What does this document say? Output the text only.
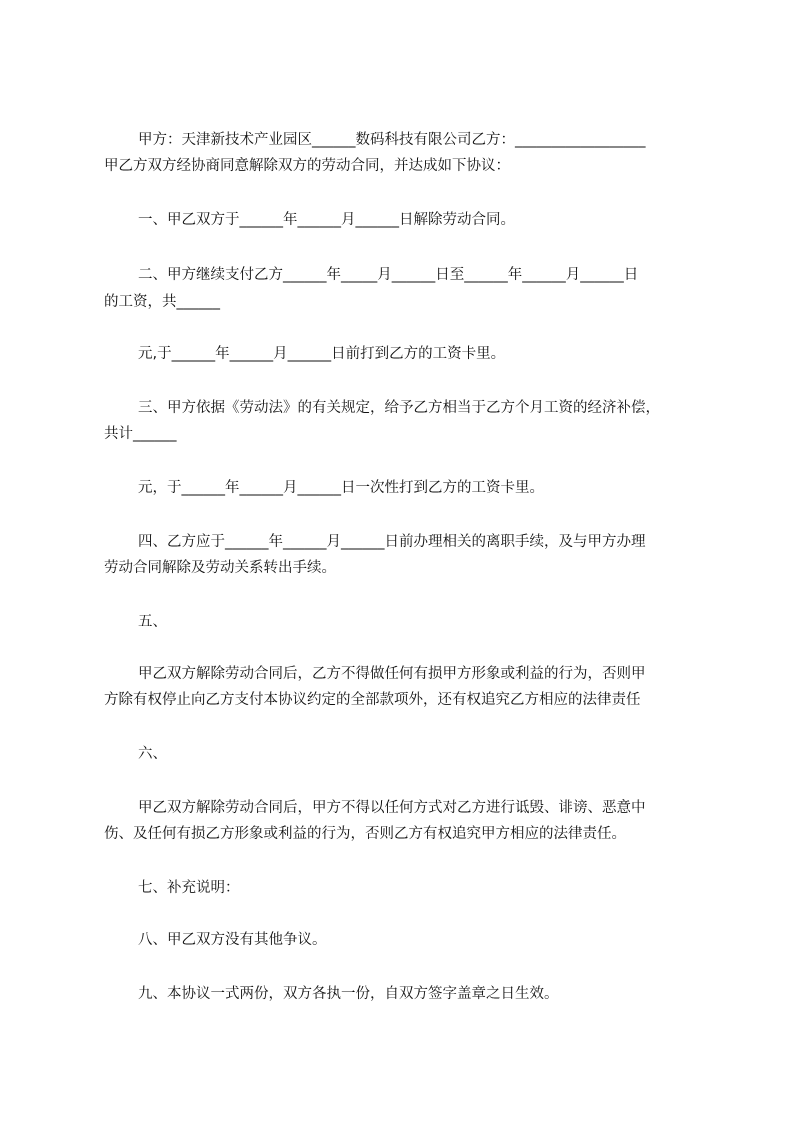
甲方：天津新技术产业园区______数码科技有限公司乙方：__________________
甲乙方双方经协商同意解除双方的劳动合同，并达成如下协议：
一、甲乙双方于______年______月______日解除劳动合同。
二、甲方继续支付乙方______年_____月______日至______年______月______日
的工资，共______
元,于______年______月______日前打到乙方的工资卡里。
三、甲方依据《劳动法》的有关规定，给予乙方相当于乙方个月工资的经济补偿，
共计______
元，于______年______月______日一次性打到乙方的工资卡里。
四、乙方应于______年______月______日前办理相关的离职手续，及与甲方办理
劳动合同解除及劳动关系转出手续。
五、
甲乙双方解除劳动合同后，乙方不得做任何有损甲方形象或利益的行为，否则甲
方除有权停止向乙方支付本协议约定的全部款项外，还有权追究乙方相应的法律责任
六、
甲乙双方解除劳动合同后，甲方不得以任何方式对乙方进行诋毁、诽谤、恶意中
伤、及任何有损乙方形象或利益的行为，否则乙方有权追究甲方相应的法律责任。
七、补充说明：
八、甲乙双方没有其他争议。
九、本协议一式两份，双方各执一份，自双方签字盖章之日生效。
